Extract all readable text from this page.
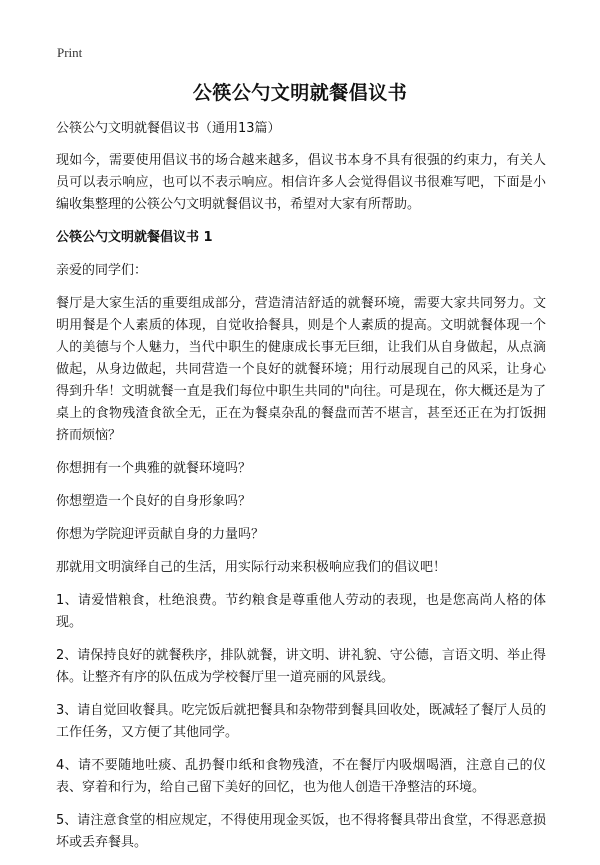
Print
公筷公勺文明就餐倡议书

公筷公勺文明就餐倡议书（通用13篇）

现如今，需要使用倡议书的场合越来越多，倡议书本身不具有很强的约束力，有关人员可以表示响应，也可以不表示响应。相信许多人会觉得倡议书很难写吧，下面是小编收集整理的公筷公勺文明就餐倡议书，希望对大家有所帮助。

公筷公勺文明就餐倡议书 1

亲爱的同学们：

餐厅是大家生活的重要组成部分，营造清洁舒适的就餐环境，需要大家共同努力。文明用餐是个人素质的体现，自觉收拾餐具，则是个人素质的提高。文明就餐体现一个人的美德与个人魅力，当代中职生的健康成长事无巨细，让我们从自身做起，从点滴做起，从身边做起，共同营造一个良好的就餐环境；用行动展现自己的风采，让身心得到升华！文明就餐一直是我们每位中职生共同的"向往。可是现在，你大概还是为了桌上的食物残渣食欲全无，正在为餐桌杂乱的餐盘而苦不堪言，甚至还正在为打饭拥挤而烦恼？

你想拥有一个典雅的就餐环境吗？

你想塑造一个良好的自身形象吗？

你想为学院迎评贡献自身的力量吗？

那就用文明演绎自己的生活，用实际行动来积极响应我们的倡议吧！

1、请爱惜粮食，杜绝浪费。节约粮食是尊重他人劳动的表现，也是您高尚人格的体现。

2、请保持良好的就餐秩序，排队就餐，讲文明、讲礼貌、守公德，言语文明、举止得体。让整齐有序的队伍成为学校餐厅里一道亮丽的风景线。

3、请自觉回收餐具。吃完饭后就把餐具和杂物带到餐具回收处，既减轻了餐厅人员的工作任务，又方便了其他同学。

4、请不要随地吐痰、乱扔餐巾纸和食物残渣，不在餐厅内吸烟喝酒，注意自己的仪表、穿着和行为，给自己留下美好的回忆，也为他人创造干净整洁的环境。

5、请注意食堂的相应规定，不得使用现金买饭，也不得将餐具带出食堂，不得恶意损坏或丢弃餐具。
